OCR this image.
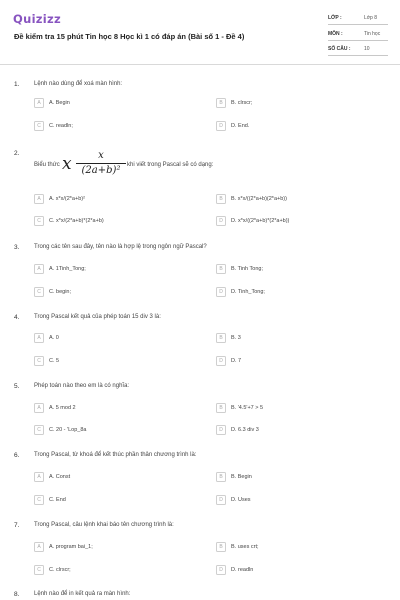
Quizizz
Đề kiểm tra 15 phút Tin học 8 Học kì 1 có đáp án (Bài số 1 - Đề 4)
LỚP :	Lớp 8
MÔN :	Tin học
SỐ CÂU :	10
1. Lệnh nào dùng để xoá màn hình:
A	A. Begin	B	B. clrscr;
C	C. readln;	D	D. End.
2.
Biểu thức x	x
(2a+b)²	khi viết trong Pascal sẽ có dạng:
A	A. x*x/(2*a+b)²	B	B. x*x/((2*a+b)(2*a+b))
C	C. x*x/(2*a+b)*(2*a+b)	D	D. x*x/((2*a+b)*(2*a+b))
3. Trong các tên sau đây, tên nào là hợp lệ trong ngôn ngữ Pascal?
A	A. 1Tinh_Tong;	B	B. Tinh Tong;
C	C. begin;	D	D. Tinh_Tong;
4. Trong Pascal kết quả của phép toán 15 div 3 là:
A	A. 0	B	B. 3
C	C. 5	D	D. 7
5. Phép toán nào theo em là có nghĩa:
A	A. 5 mod 2	B	B. '4.5'+7 > 5
C	C. 20 - 'Lop_8a	D	D. 6.3 div 3
6. Trong Pascal, từ khoá để kết thúc phần thân chương trình là:
A	A. Const	B	B. Begin
C	C. End	D	D. Uses
7. Trong Pascal, câu lệnh khai báo tên chương trình là:
A	A. program bai_1;	B	B. uses crt;
C	C. clrscr;	D	D. readln
8. Lệnh nào để in kết quả ra màn hình:
